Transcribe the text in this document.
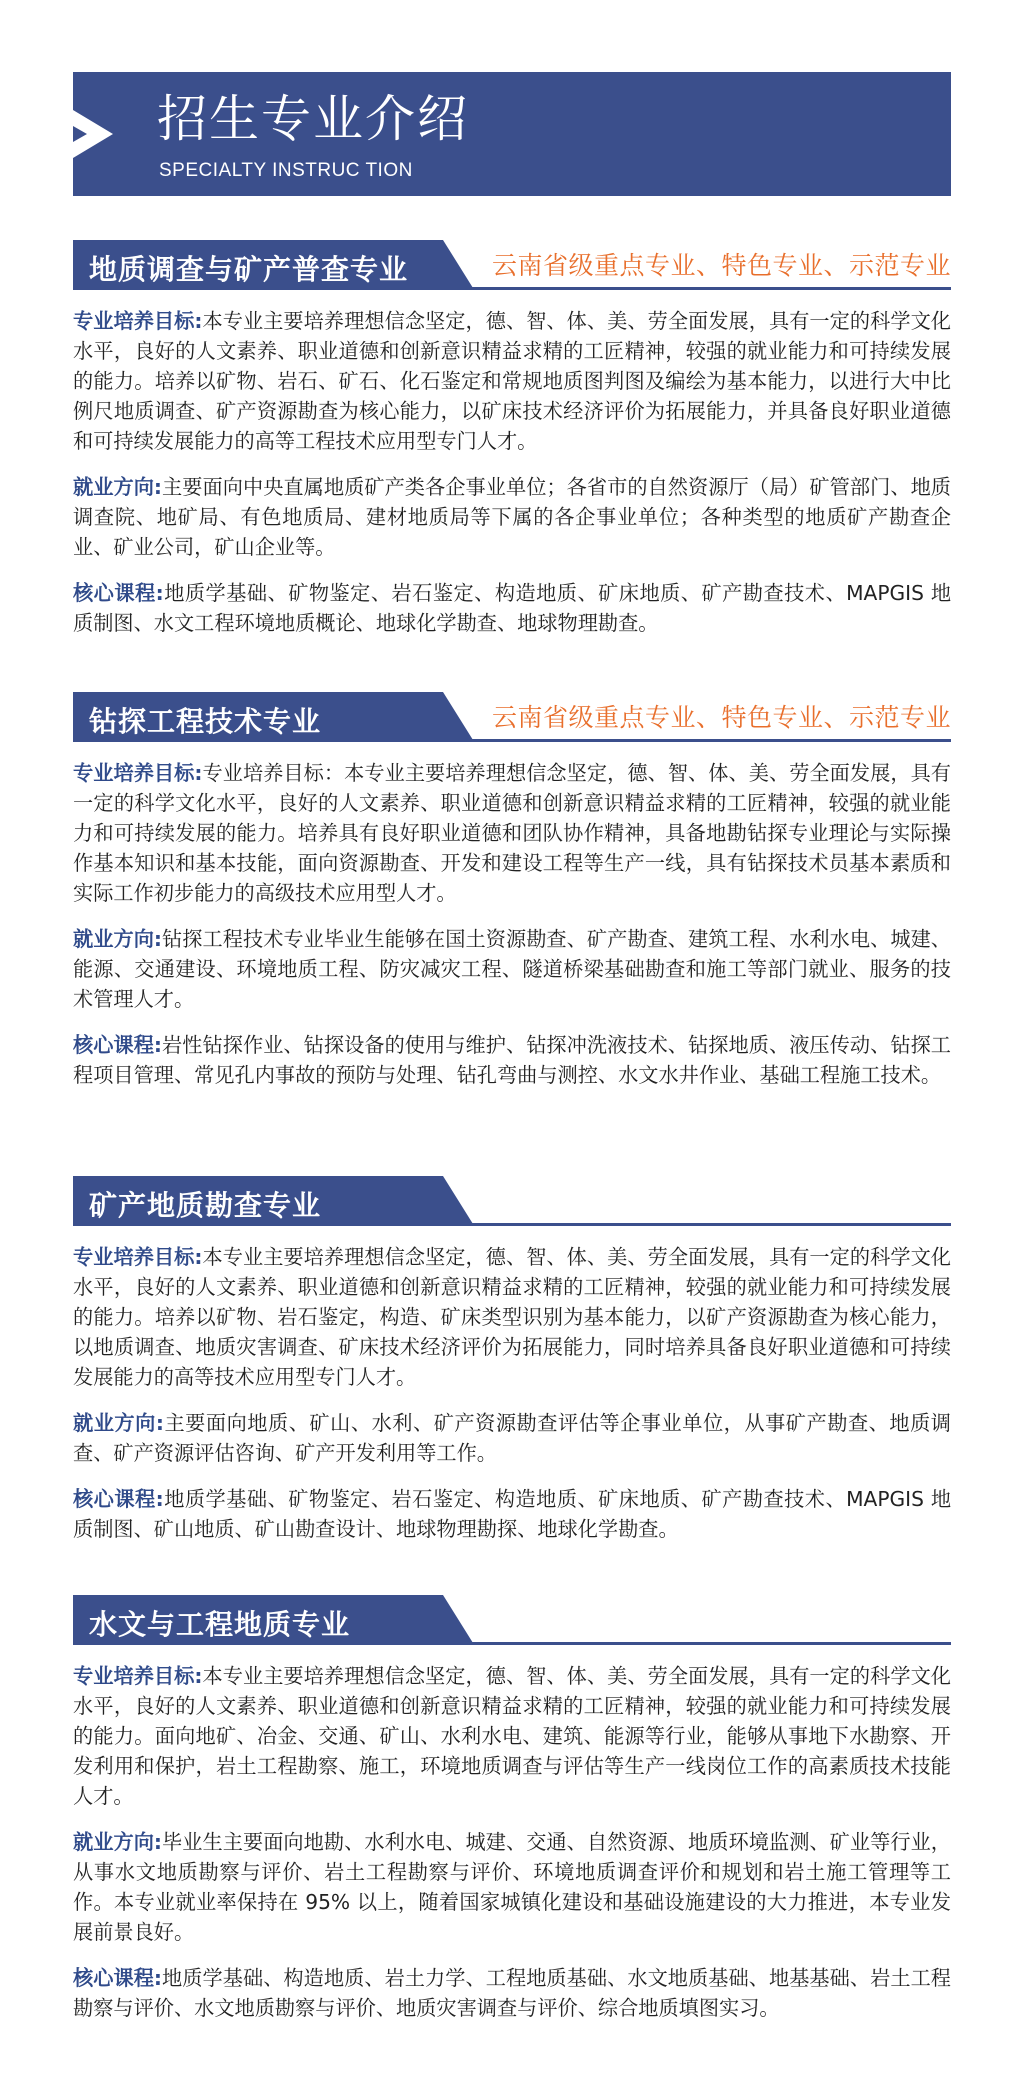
招生专业介绍
SPECIALTY INSTRUC TION
地质调查与矿产普查专业	云南省级重点专业、特色专业、示范专业

专业培养目标:本专业主要培养理想信念坚定，德、智、体、美、劳全面发展，具有一定的科学文化水平，良好的人文素养、职业道德和创新意识精益求精的工匠精神，较强的就业能力和可持续发展的能力。培养以矿物、岩石、矿石、化石鉴定和常规地质图判图及编绘为基本能力，以进行大中比例尺地质调查、矿产资源勘查为核心能力，以矿床技术经济评价为拓展能力，并具备良好职业道德和可持续发展能力的高等工程技术应用型专门人才。

就业方向:主要面向中央直属地质矿产类各企事业单位；各省市的自然资源厅（局）矿管部门、地质调查院、地矿局、有色地质局、建材地质局等下属的各企事业单位；各种类型的地质矿产勘查企业、矿业公司，矿山企业等。

核心课程:地质学基础、矿物鉴定、岩石鉴定、构造地质、矿床地质、矿产勘查技术、MAPGIS 地质制图、水文工程环境地质概论、地球化学勘查、地球物理勘查。

钻探工程技术专业	云南省级重点专业、特色专业、示范专业

专业培养目标:专业培养目标：本专业主要培养理想信念坚定，德、智、体、美、劳全面发展，具有一定的科学文化水平，良好的人文素养、职业道德和创新意识精益求精的工匠精神，较强的就业能力和可持续发展的能力。培养具有良好职业道德和团队协作精神，具备地勘钻探专业理论与实际操作基本知识和基本技能，面向资源勘查、开发和建设工程等生产一线，具有钻探技术员基本素质和实际工作初步能力的高级技术应用型人才。

就业方向:钻探工程技术专业毕业生能够在国土资源勘查、矿产勘查、建筑工程、水利水电、城建、能源、交通建设、环境地质工程、防灾减灾工程、隧道桥梁基础勘查和施工等部门就业、服务的技术管理人才。

核心课程:岩性钻探作业、钻探设备的使用与维护、钻探冲洗液技术、钻探地质、液压传动、钻探工程项目管理、常见孔内事故的预防与处理、钻孔弯曲与测控、水文水井作业、基础工程施工技术。

矿产地质勘查专业

专业培养目标:本专业主要培养理想信念坚定，德、智、体、美、劳全面发展，具有一定的科学文化水平，良好的人文素养、职业道德和创新意识精益求精的工匠精神，较强的就业能力和可持续发展的能力。培养以矿物、岩石鉴定，构造、矿床类型识别为基本能力，以矿产资源勘查为核心能力，以地质调查、地质灾害调查、矿床技术经济评价为拓展能力，同时培养具备良好职业道德和可持续发展能力的高等技术应用型专门人才。

就业方向:主要面向地质、矿山、水利、矿产资源勘查评估等企事业单位，从事矿产勘查、地质调查、矿产资源评估咨询、矿产开发利用等工作。

核心课程:地质学基础、矿物鉴定、岩石鉴定、构造地质、矿床地质、矿产勘查技术、MAPGIS 地质制图、矿山地质、矿山勘查设计、地球物理勘探、地球化学勘查。

水文与工程地质专业

专业培养目标:本专业主要培养理想信念坚定，德、智、体、美、劳全面发展，具有一定的科学文化水平，良好的人文素养、职业道德和创新意识精益求精的工匠精神，较强的就业能力和可持续发展的能力。面向地矿、冶金、交通、矿山、水利水电、建筑、能源等行业，能够从事地下水勘察、开发利用和保护，岩土工程勘察、施工，环境地质调查与评估等生产一线岗位工作的高素质技术技能人才。

就业方向:毕业生主要面向地勘、水利水电、城建、交通、自然资源、地质环境监测、矿业等行业，从事水文地质勘察与评价、岩土工程勘察与评价、环境地质调查评价和规划和岩土施工管理等工作。本专业就业率保持在 95% 以上，随着国家城镇化建设和基础设施建设的大力推进，本专业发展前景良好。

核心课程:地质学基础、构造地质、岩土力学、工程地质基础、水文地质基础、地基基础、岩土工程勘察与评价、水文地质勘察与评价、地质灾害调查与评价、综合地质填图实习。
